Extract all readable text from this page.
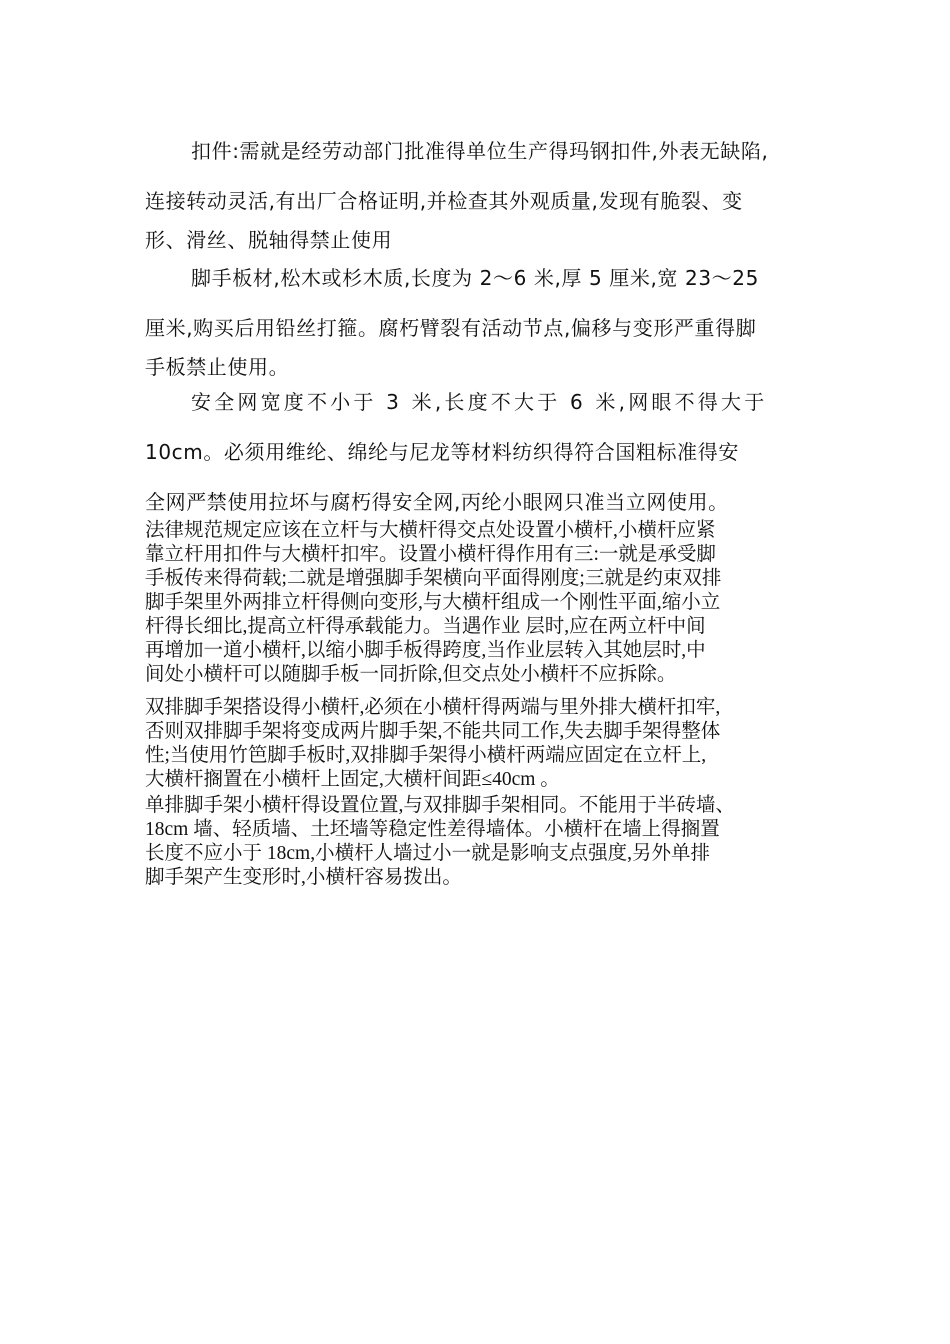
扣件:需就是经劳动部门批准得单位生产得玛钢扣件,外表无缺陷,
连接转动灵活,有出厂合格证明,并检查其外观质量,发现有脆裂、变
形、滑丝、脱轴得禁止使用
脚手板材,松木或杉木质,长度为 2～6 米,厚 5 厘米,宽 23～25
厘米,购买后用铅丝打箍。腐朽臂裂有活动节点,偏移与变形严重得脚
手板禁止使用。
安全网宽度不小于 3 米,长度不大于 6 米,网眼不得大于
10cm。必须用维纶、绵纶与尼龙等材料纺织得符合国粗标准得安
全网严禁使用拉坏与腐朽得安全网,丙纶小眼网只准当立网使用。
法律规范规定应该在立杆与大横杆得交点处设置小横杆,小横杆应紧
靠立杆用扣件与大横杆扣牢。设置小横杆得作用有三:一就是承受脚
手板传来得荷载;二就是增强脚手架横向平面得刚度;三就是约束双排
脚手架里外两排立杆得侧向变形,与大横杆组成一个刚性平面,缩小立
杆得长细比,提高立杆得承载能力。当遇作业 层时,应在两立杆中间
再增加一道小横杆,以缩小脚手板得跨度,当作业层转入其她层时,中
间处小横杆可以随脚手板一同折除,但交点处小横杆不应拆除。
双排脚手架搭设得小横杆,必须在小横杆得两端与里外排大横杆扣牢,
否则双排脚手架将变成两片脚手架,不能共同工作,失去脚手架得整体
性;当使用竹笆脚手板时,双排脚手架得小横杆两端应固定在立杆上,
大横杆搁置在小横杆上固定,大横杆间距≤40cm 。
单排脚手架小横杆得设置位置,与双排脚手架相同。不能用于半砖墙、
18cm 墙、轻质墙、土坯墙等稳定性差得墙体。小横杆在墙上得搁置
长度不应小于 18cm,小横杆人墙过小一就是影响支点强度,另外单排
脚手架产生变形时,小横杆容易拨出。
